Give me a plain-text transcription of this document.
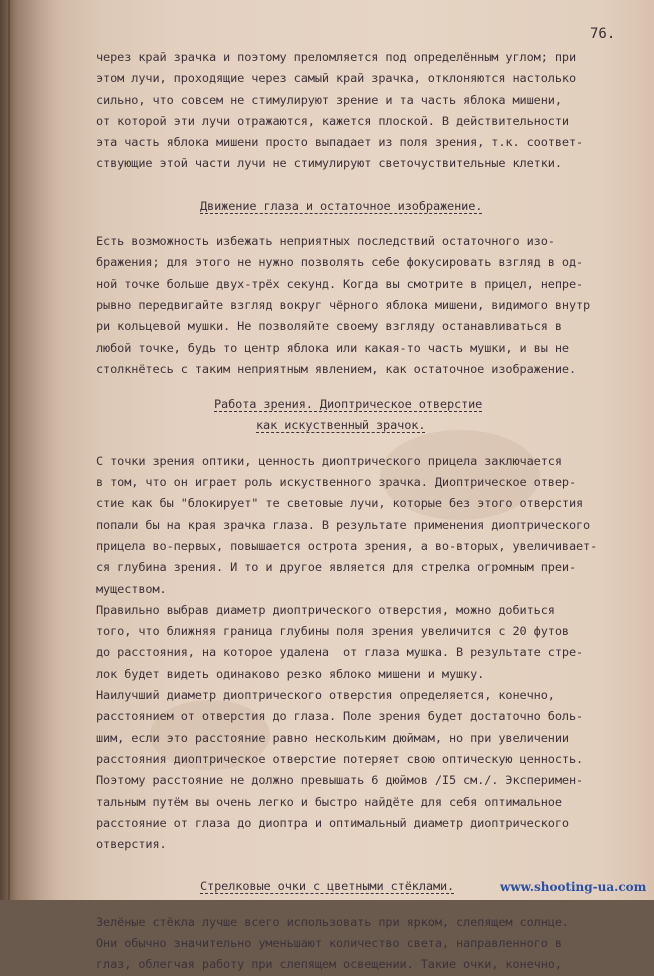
76.
через край зрачка и поэтому преломляется под определённым углом; при
этом лучи, проходящие через самый край зрачка, отклоняются настолько
сильно, что совсем не стимулируют зрение и та часть яблока мишени,
от которой эти лучи отражаются, кажется плоской. В действительности
эта часть яблока мишени просто выпадает из поля зрения, т.к. соответ-
ствующие этой части лучи не стимулируют светочуствительные клетки.
Движение глаза и остаточное изображение.
Есть возможность избежать неприятных последствий остаточного изо-
бражения; для этого не нужно позволять себе фокусировать взгляд в од-
ной точке больше двух-трёх секунд. Когда вы смотрите в прицел, непре-
рывно передвигайте взгляд вокруг чёрного яблока мишени, видимого внутр
ри кольцевой мушки. Не позволяйте своему взгляду останавливаться в
любой точке, будь то центр яблока или какая-то часть мушки, и вы не
столкнётесь с таким неприятным явлением, как остаточное изображение.
Работа зрения. Диоптрическое отверстие
как искуственный зрачок.
С точки зрения оптики, ценность диоптрического прицела заключается
в том, что он играет роль искуственного зрачка. Диоптрическое отвер-
стие как бы "блокирует" те световые лучи, которые без этого отверстия
попали бы на края зрачка глаза. В результате применения диоптрического
прицела во-первых, повышается острота зрения, а во-вторых, увеличивает-
ся глубина зрения. И то и другое является для стрелка огромным преи-
муществом.
Правильно выбрав диаметр диоптрического отверстия, можно добиться
того, что ближняя граница глубины поля зрения увеличится с 20 футов
до расстояния, на которое удалена  от глаза мушка. В результате стре-
лок будет видеть одинаково резко яблоко мишени и мушку.
Наилучший диаметр диоптрического отверстия определяется, конечно,
расстоянием от отверстия до глаза. Поле зрения будет достаточно боль-
шим, если это расстояние равно нескольким дюймам, но при увеличении
расстояния диоптрическое отверстие потеряет свою оптическую ценность.
Поэтому расстояние не должно превышать 6 дюймов /I5 см./. Эксперимен-
тальным путём вы очень легко и быстро найдёте для себя оптимальное
расстояние от глаза до диоптра и оптимальный диаметр диоптрического
отверстия.
Стрелковые очки с цветными стёклами.
Зелёные стёкла лучше всего использовать при ярком, слепящем солнце.
Они обычно значительно уменьшают количество света, направленного в
глаз, облегчая работу при слепящем освещении. Такие очки, конечно,
www.shooting-ua.com
